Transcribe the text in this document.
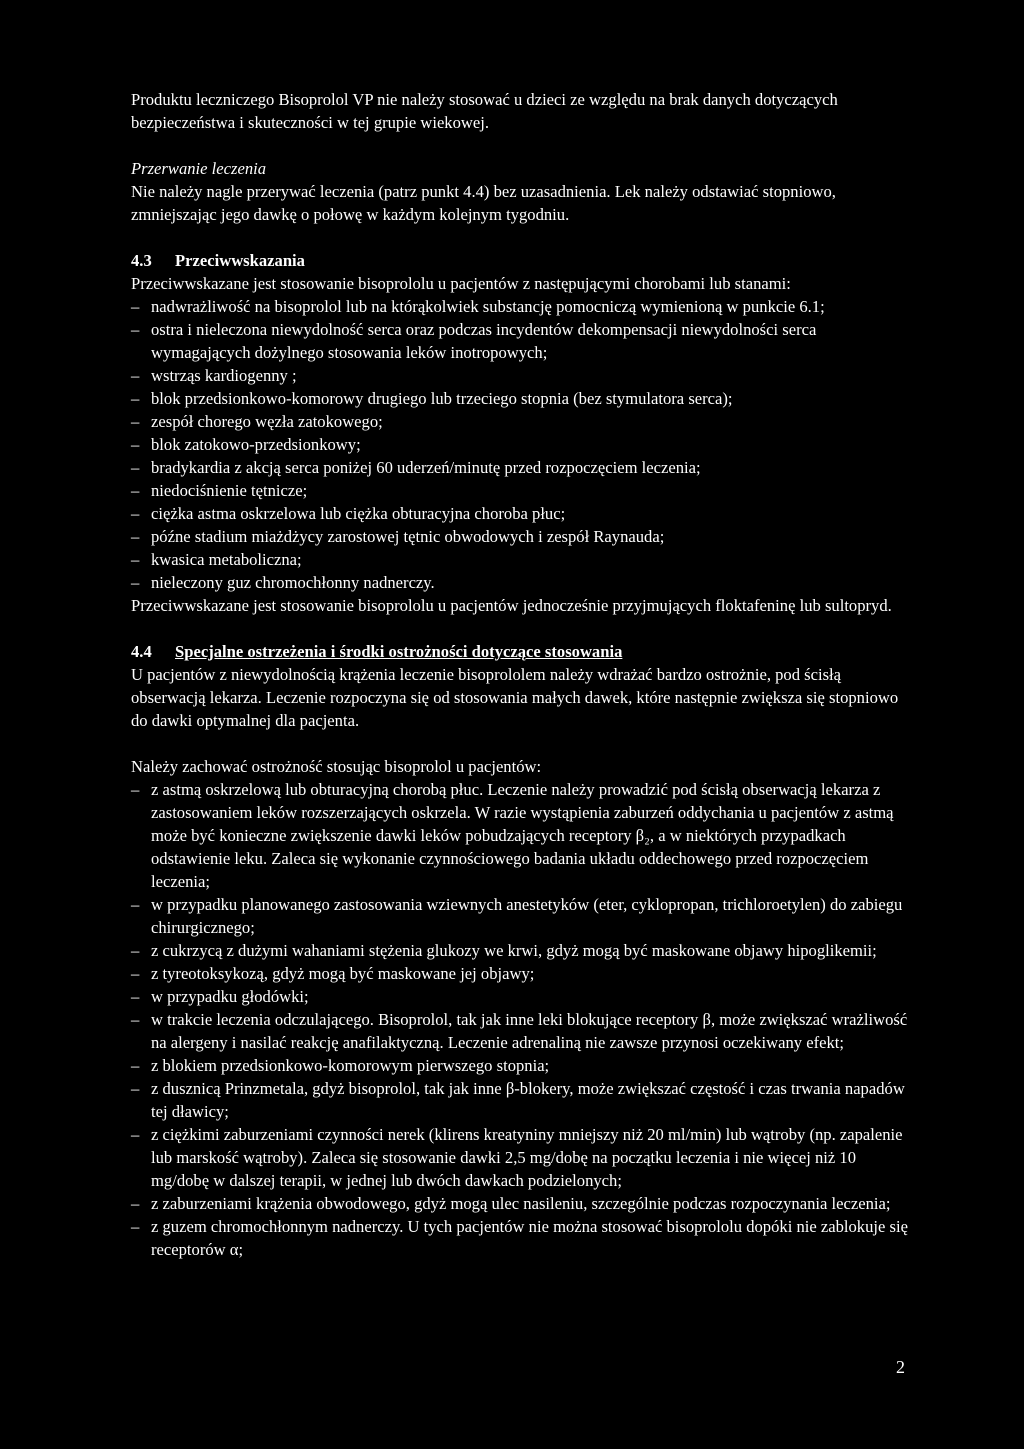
Produktu leczniczego Bisoprolol VP nie należy stosować u dzieci ze względu na brak danych dotyczących bezpieczeństwa i skuteczności w tej grupie wiekowej.

Przerwanie leczenia

Nie należy nagle przerywać leczenia (patrz punkt 4.4) bez uzasadnienia. Lek należy odstawiać stopniowo, zmniejszając jego dawkę o połowę w każdym kolejnym tygodniu.

4.3 Przeciwwskazania

Przeciwwskazane jest stosowanie bisoprololu u pacjentów z następującymi chorobami lub stanami:

– nadwrażliwość na bisoprolol lub na którąkolwiek substancję pomocniczą wymienioną w punkcie 6.1;
– ostra i nieleczona niewydolność serca oraz podczas incydentów dekompensacji niewydolności serca wymagających dożylnego stosowania leków inotropowych;
– wstrząs kardiogenny ;
– blok przedsionkowo-komorowy drugiego lub trzeciego stopnia (bez stymulatora serca);
– zespół chorego węzła zatokowego;
– blok zatokowo-przedsionkowy;
– bradykardia z akcją serca poniżej 60 uderzeń/minutę przed rozpoczęciem leczenia;
– niedociśnienie tętnicze;
– ciężka astma oskrzelowa lub ciężka obturacyjna choroba płuc;
– późne stadium miażdżycy zarostowej tętnic obwodowych i zespół Raynauda;
– kwasica metaboliczna;
– nieleczony guz chromochłonny nadnerczy.

Przeciwwskazane jest stosowanie bisoprololu u pacjentów jednocześnie przyjmujących floktafeninę lub sultopryd.

4.4 Specjalne ostrzeżenia i środki ostrożności dotyczące stosowania

U pacjentów z niewydolnością krążenia leczenie bisoprololem należy wdrażać bardzo ostrożnie, pod ścisłą obserwacją lekarza. Leczenie rozpoczyna się od stosowania małych dawek, które następnie zwiększa się stopniowo do dawki optymalnej dla pacjenta.

Należy zachować ostrożność stosując bisoprolol u pacjentów:

– z astmą oskrzelową lub obturacyjną chorobą płuc. Leczenie należy prowadzić pod ścisłą obserwacją lekarza z zastosowaniem leków rozszerzających oskrzela. W razie wystąpienia zaburzeń oddychania u pacjentów z astmą może być konieczne zwiększenie dawki leków pobudzających receptory β₂, a w niektórych przypadkach odstawienie leku. Zaleca się wykonanie czynnościowego badania układu oddechowego przed rozpoczęciem leczenia;
– w przypadku planowanego zastosowania wziewnych anestetyków (eter, cyklopropan, trichloroetylen) do zabiegu chirurgicznego;
– z cukrzycą z dużymi wahaniami stężenia glukozy we krwi, gdyż mogą być maskowane objawy hipoglikemii;
– z tyreotoksykozą, gdyż mogą być maskowane jej objawy;
– w przypadku głodówki;
– w trakcie leczenia odczulającego. Bisoprolol, tak jak inne leki blokujące receptory β, może zwiększać wrażliwość na alergeny i nasilać reakcję anafilaktyczną. Leczenie adrenaliną nie zawsze przynosi oczekiwany efekt;
– z blokiem przedsionkowo-komorowym pierwszego stopnia;
– z dusznicą Prinzmetala, gdyż bisoprolol, tak jak inne β-blokery, może zwiększać częstość i czas trwania napadów tej dławicy;
– z ciężkimi zaburzeniami czynności nerek (klirens kreatyniny mniejszy niż 20 ml/min) lub wątroby (np. zapalenie lub marskość wątroby). Zaleca się stosowanie dawki 2,5 mg/dobę na początku leczenia i nie więcej niż 10 mg/dobę w dalszej terapii, w jednej lub dwóch dawkach podzielonych;
– z zaburzeniami krążenia obwodowego, gdyż mogą ulec nasileniu, szczególnie podczas rozpoczynania leczenia;
– z guzem chromochłonnym nadnerczy. U tych pacjentów nie można stosować bisoprololu dopóki nie zablokuje się receptorów α;
2
